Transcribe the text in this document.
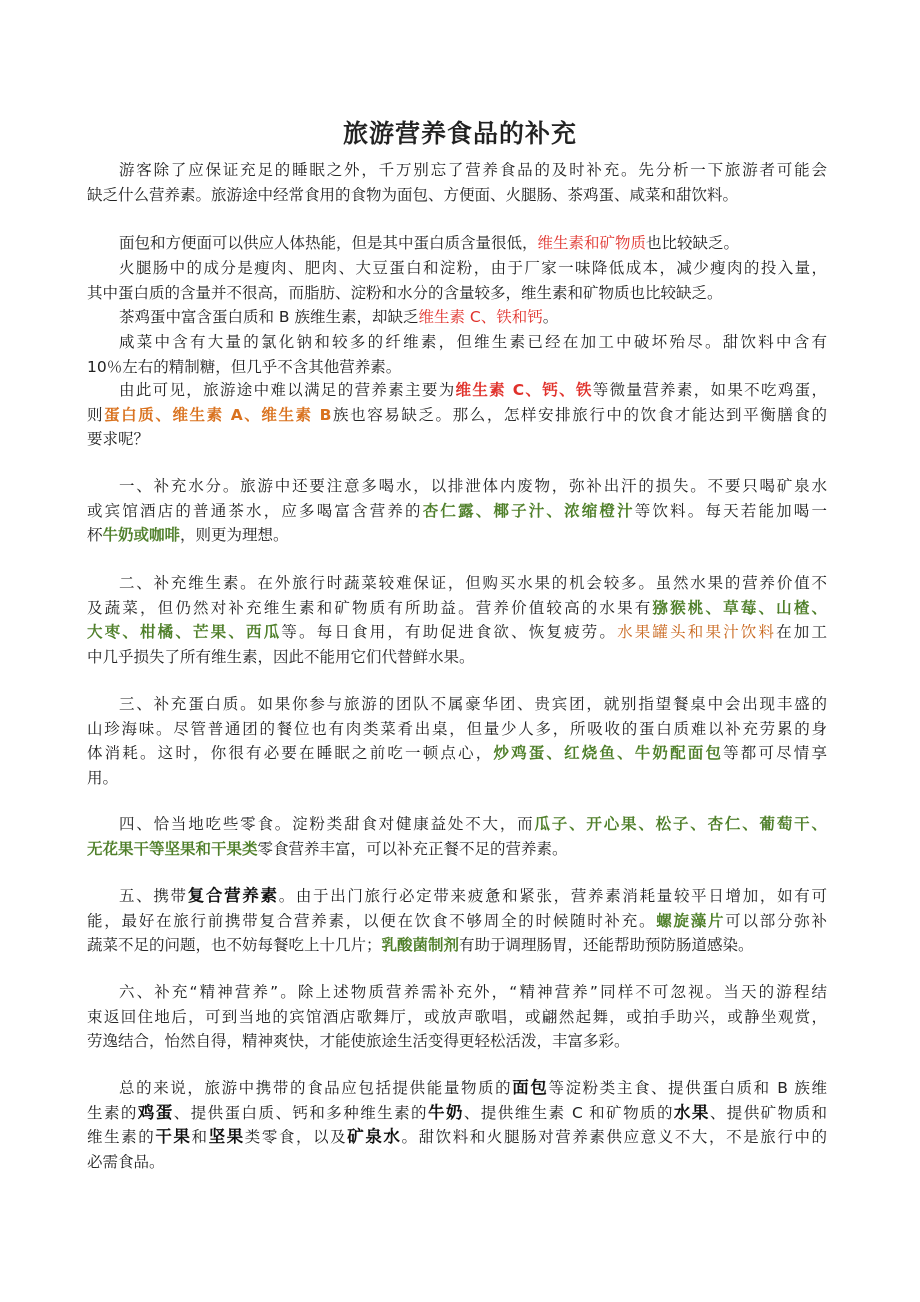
旅游营养食品的补充
游客除了应保证充足的睡眠之外，千万别忘了营养食品的及时补充。先分析一下旅游者可能会
缺乏什么营养素。旅游途中经常食用的食物为面包、方便面、火腿肠、茶鸡蛋、咸菜和甜饮料。
面包和方便面可以供应人体热能，但是其中蛋白质含量很低，维生素和矿物质也比较缺乏。
火腿肠中的成分是瘦肉、肥肉、大豆蛋白和淀粉，由于厂家一味降低成本，减少瘦肉的投入量，
其中蛋白质的含量并不很高，而脂肪、淀粉和水分的含量较多，维生素和矿物质也比较缺乏。
茶鸡蛋中富含蛋白质和 B 族维生素，却缺乏维生素 C、铁和钙。
咸菜中含有大量的氯化钠和较多的纤维素，但维生素已经在加工中破坏殆尽。甜饮料中含有
10％左右的精制糖，但几乎不含其他营养素。
由此可见，旅游途中难以满足的营养素主要为维生素 C、钙、铁等微量营养素，如果不吃鸡蛋，
则蛋白质、维生素 A、维生素 B族也容易缺乏。那么，怎样安排旅行中的饮食才能达到平衡膳食的
要求呢？
一、补充水分。旅游中还要注意多喝水，以排泄体内废物，弥补出汗的损失。不要只喝矿泉水
或宾馆酒店的普通茶水，应多喝富含营养的杏仁露、椰子汁、浓缩橙汁等饮料。每天若能加喝一
杯牛奶或咖啡，则更为理想。
二、补充维生素。在外旅行时蔬菜较难保证，但购买水果的机会较多。虽然水果的营养价值不
及蔬菜，但仍然对补充维生素和矿物质有所助益。营养价值较高的水果有猕猴桃、草莓、山楂、
大枣、柑橘、芒果、西瓜等。每日食用，有助促进食欲、恢复疲劳。水果罐头和果汁饮料在加工
中几乎损失了所有维生素，因此不能用它们代替鲜水果。
三、补充蛋白质。如果你参与旅游的团队不属豪华团、贵宾团，就别指望餐桌中会出现丰盛的
山珍海味。尽管普通团的餐位也有肉类菜肴出桌，但量少人多，所吸收的蛋白质难以补充劳累的身
体消耗。这时，你很有必要在睡眠之前吃一顿点心，炒鸡蛋、红烧鱼、牛奶配面包等都可尽情享
用。
四、恰当地吃些零食。淀粉类甜食对健康益处不大，而瓜子、开心果、松子、杏仁、葡萄干、
无花果干等坚果和干果类零食营养丰富，可以补充正餐不足的营养素。
五、携带复合营养素。由于出门旅行必定带来疲惫和紧张，营养素消耗量较平日增加，如有可
能，最好在旅行前携带复合营养素，以便在饮食不够周全的时候随时补充。螺旋藻片可以部分弥补
蔬菜不足的问题，也不妨每餐吃上十几片；乳酸菌制剂有助于调理肠胃，还能帮助预防肠道感染。
六、补充“精神营养”。除上述物质营养需补充外，“精神营养”同样不可忽视。当天的游程结
束返回住地后，可到当地的宾馆酒店歌舞厅，或放声歌唱，或翩然起舞，或拍手助兴，或静坐观赏，
劳逸结合，怡然自得，精神爽快，才能使旅途生活变得更轻松活泼，丰富多彩。
总的来说，旅游中携带的食品应包括提供能量物质的面包等淀粉类主食、提供蛋白质和 B 族维
生素的鸡蛋、提供蛋白质、钙和多种维生素的牛奶、提供维生素 C 和矿物质的水果、提供矿物质和
维生素的干果和坚果类零食，以及矿泉水。甜饮料和火腿肠对营养素供应意义不大，不是旅行中的
必需食品。
